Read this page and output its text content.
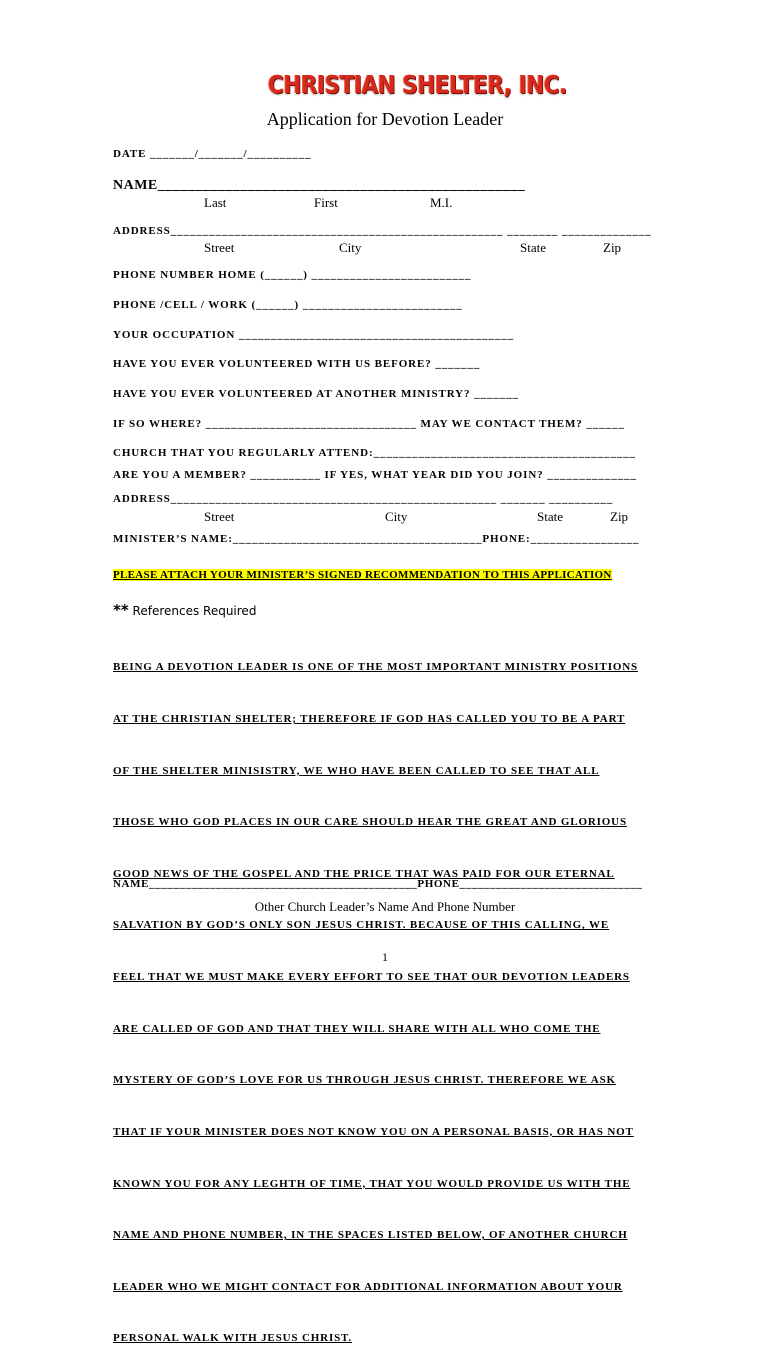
CHRISTIAN SHELTER, INC.
Application for Devotion Leader
DATE _______/_______/__________
NAME_________________________________________________
Last	First	M.I.
ADDRESS____________________________________________________ ________ ______________
Street	City	State	Zip
PHONE NUMBER HOME (______) _________________________
PHONE /CELL / WORK (______) _________________________
YOUR OCCUPATION ___________________________________________
HAVE YOU EVER VOLUNTEERED WITH US BEFORE? _______
HAVE YOU EVER VOLUNTEERED AT ANOTHER MINISTRY? _______
IF SO WHERE? _________________________________ MAY WE CONTACT THEM? ______
CHURCH THAT YOU REGULARLY ATTEND:_________________________________________
ARE YOU A MEMBER? ___________ IF YES, WHAT YEAR DID YOU JOIN? ______________
ADDRESS___________________________________________________ _______ __________
Street	City	State	Zip
MINISTER’S NAME:_______________________________________PHONE:_________________
PLEASE ATTACH YOUR MINISTER’S SIGNED RECOMMENDATION TO THIS APPLICATION
** References Required

BEING A DEVOTION LEADER IS ONE OF THE MOST IMPORTANT MINISTRY POSITIONS

AT THE CHRISTIAN SHELTER; THEREFORE IF GOD HAS CALLED YOU TO BE A PART

OF THE SHELTER MINISISTRY, WE WHO HAVE BEEN CALLED TO SEE THAT ALL

THOSE WHO GOD PLACES IN OUR CARE SHOULD HEAR THE GREAT AND GLORIOUS

GOOD NEWS OF THE GOSPEL AND THE PRICE THAT WAS PAID FOR OUR ETERNAL

SALVATION BY GOD’S ONLY SON JESUS CHRIST. BECAUSE OF THIS CALLING, WE

FEEL THAT WE MUST MAKE EVERY EFFORT TO SEE THAT OUR DEVOTION LEADERS

ARE CALLED OF GOD AND THAT THEY WILL SHARE WITH ALL WHO COME THE

MYSTERY OF GOD’S LOVE FOR US THROUGH JESUS CHRIST. THEREFORE WE ASK

THAT IF YOUR MINISTER DOES NOT KNOW YOU ON A PERSONAL BASIS, OR HAS NOT

KNOWN YOU FOR ANY LEGHTH OF TIME, THAT YOU WOULD PROVIDE US WITH THE

NAME AND PHONE NUMBER, IN THE SPACES LISTED BELOW, OF ANOTHER CHURCH

LEADER WHO WE MIGHT CONTACT FOR ADDITIONAL INFORMATION ABOUT YOUR

PERSONAL WALK WITH JESUS CHRIST.

NAME____________________________________________PHONE______________________________
Other Church Leader’s Name And Phone Number
1
